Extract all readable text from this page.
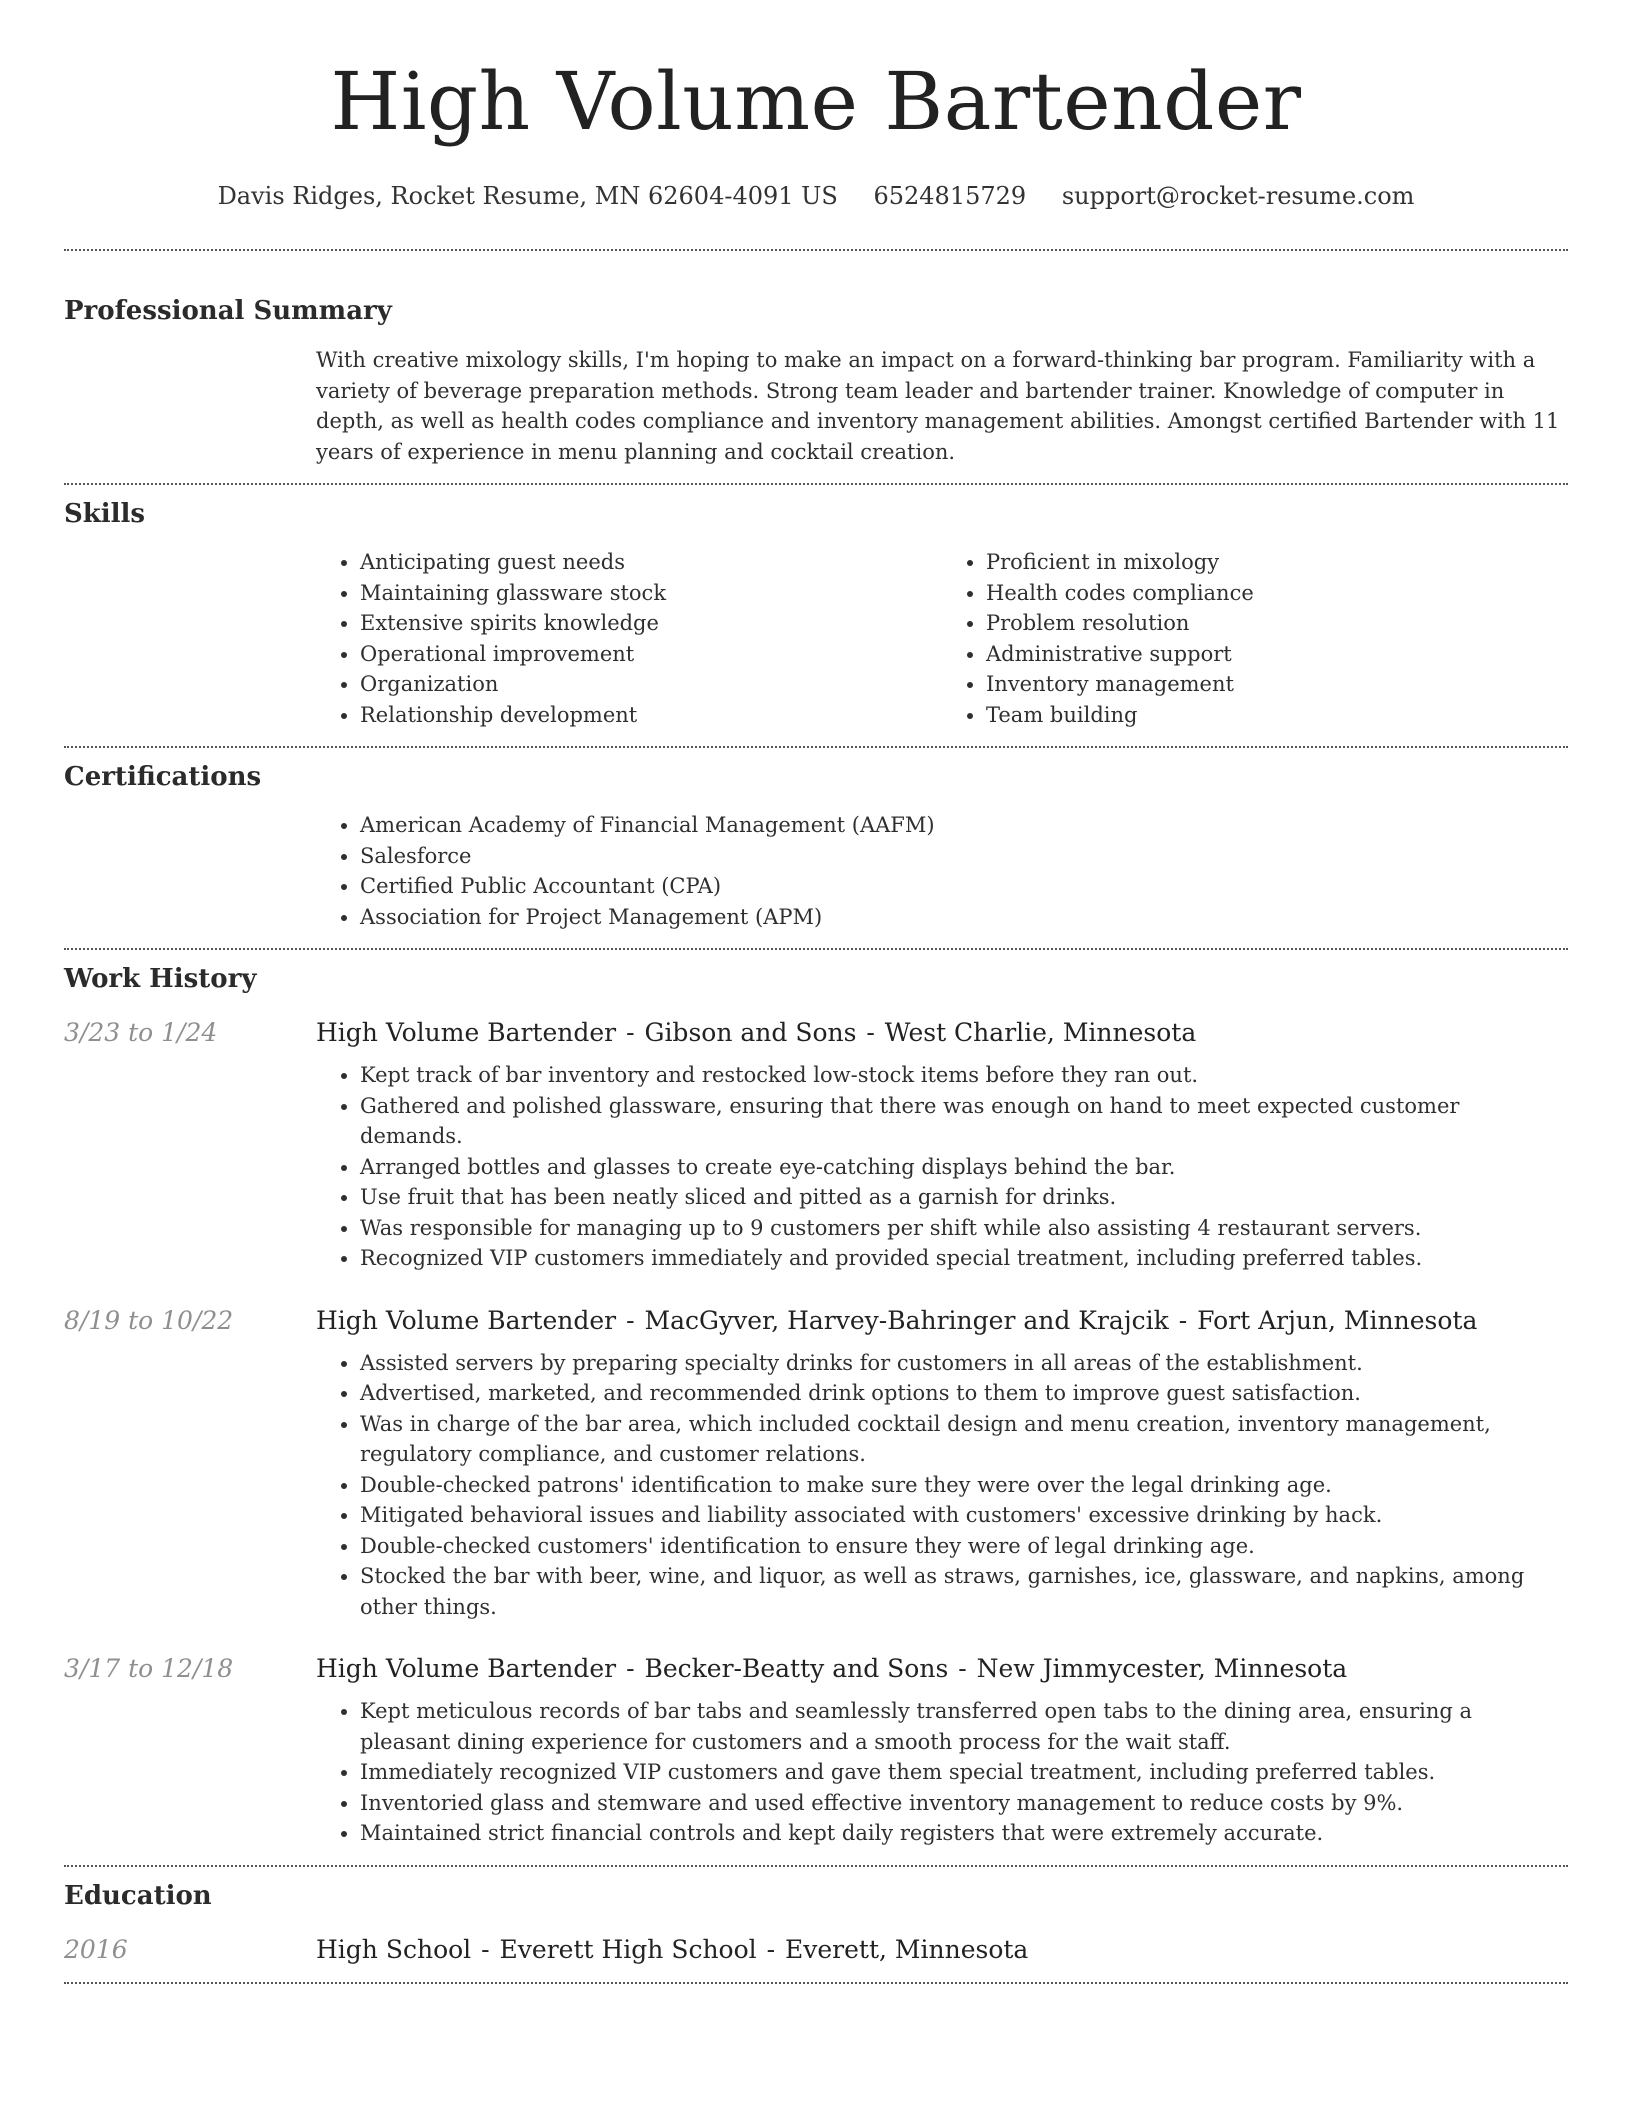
High Volume Bartender
Davis Ridges, Rocket Resume, MN 62604-4091 US 6524815729 support@rocket-resume.com
Professional Summary

With creative mixology skills, I'm hoping to make an impact on a forward-thinking bar program. Familiarity with a variety of beverage preparation methods. Strong team leader and bartender trainer. Knowledge of computer in depth, as well as health codes compliance and inventory management abilities. Amongst certified Bartender with 11 years of experience in menu planning and cocktail creation.

Skills
• Anticipating guest needs
• Maintaining glassware stock
• Extensive spirits knowledge
• Operational improvement
• Organization
• Relationship development
• Proficient in mixology
• Health codes compliance
• Problem resolution
• Administrative support
• Inventory management
• Team building
Certifications
• American Academy of Financial Management (AAFM)
• Salesforce
• Certified Public Accountant (CPA)
• Association for Project Management (APM)
Work History
3/23 to 1/24	High Volume Bartender - Gibson and Sons - West Charlie, Minnesota
• Kept track of bar inventory and restocked low-stock items before they ran out.
• Gathered and polished glassware, ensuring that there was enough on hand to meet expected customer demands.
• Arranged bottles and glasses to create eye-catching displays behind the bar.
• Use fruit that has been neatly sliced and pitted as a garnish for drinks.
• Was responsible for managing up to 9 customers per shift while also assisting 4 restaurant servers.
• Recognized VIP customers immediately and provided special treatment, including preferred tables.
8/19 to 10/22	High Volume Bartender - MacGyver, Harvey-Bahringer and Krajcik - Fort Arjun, Minnesota
• Assisted servers by preparing specialty drinks for customers in all areas of the establishment.
• Advertised, marketed, and recommended drink options to them to improve guest satisfaction.
• Was in charge of the bar area, which included cocktail design and menu creation, inventory management, regulatory compliance, and customer relations.
• Double-checked patrons' identification to make sure they were over the legal drinking age.
• Mitigated behavioral issues and liability associated with customers' excessive drinking by hack.
• Double-checked customers' identification to ensure they were of legal drinking age.
• Stocked the bar with beer, wine, and liquor, as well as straws, garnishes, ice, glassware, and napkins, among other things.
3/17 to 12/18	High Volume Bartender - Becker-Beatty and Sons - New Jimmycester, Minnesota
• Kept meticulous records of bar tabs and seamlessly transferred open tabs to the dining area, ensuring a pleasant dining experience for customers and a smooth process for the wait staff.
• Immediately recognized VIP customers and gave them special treatment, including preferred tables.
• Inventoried glass and stemware and used effective inventory management to reduce costs by 9%.
• Maintained strict financial controls and kept daily registers that were extremely accurate.
Education
2016	High School - Everett High School - Everett, Minnesota
